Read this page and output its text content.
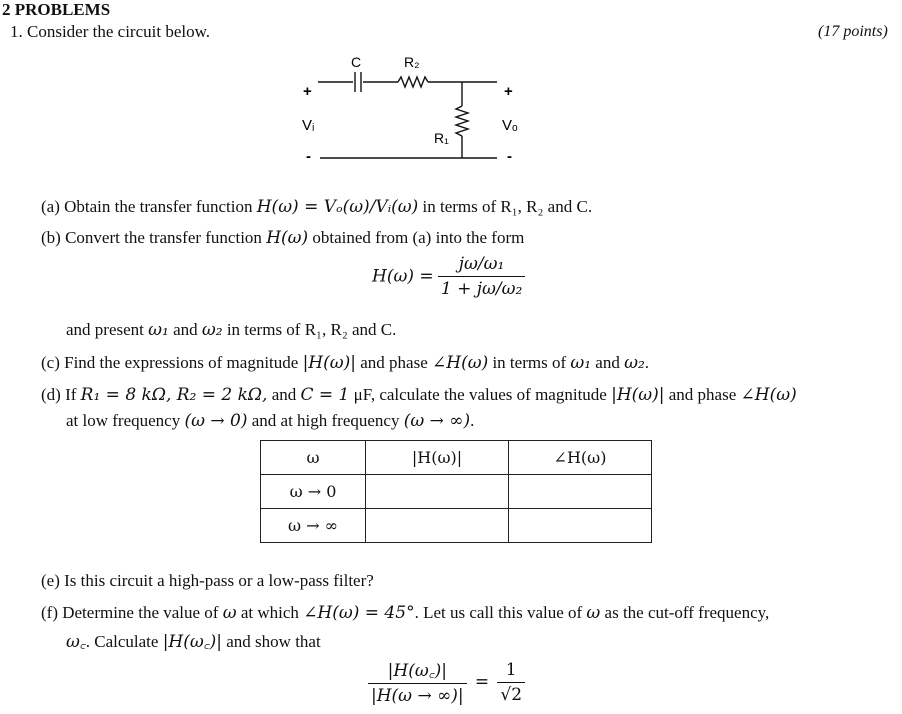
2 PROBLEMS
1. Consider the circuit below.	(17 points)
C	R₂
R₁
Vᵢ	Vₒ
+	+
-	-
(a) Obtain the transfer function H(ω) = Vₒ(ω)/Vᵢ(ω) in terms of R₁, R₂ and C.
(b) Convert the transfer function H(ω) obtained from (a) into the form
$H(\omega) = \frac{\text{jω/ω₁}}{\text{1 + jω/ω₂}}$
and present ω₁ and ω₂ in terms of R₁, R₂ and C.
(c) Find the expressions of magnitude |H(ω)| and phase ∠H(ω) in terms of ω₁ and ω₂.
(d) If R₁ = 8 kΩ, R₂ = 2 kΩ, and C = 1 μF, calculate the values of magnitude |H(ω)| and phase ∠H(ω)
at low frequency (ω → 0) and at high frequency (ω → ∞).
ω	|H(ω)|	∠H(ω)
ω → 0		
ω → ∞		
(e) Is this circuit a high-pass or a low-pass filter?
(f) Determine the value of ω at which ∠H(ω) = 45°. Let us call this value of ω as the cut-off frequency,
ω꜀. Calculate |H(ω꜀)| and show that
$\frac{|H(\omega꜀)|}{|H(\omega \to \infty)|} = \frac{1}{√2}$
